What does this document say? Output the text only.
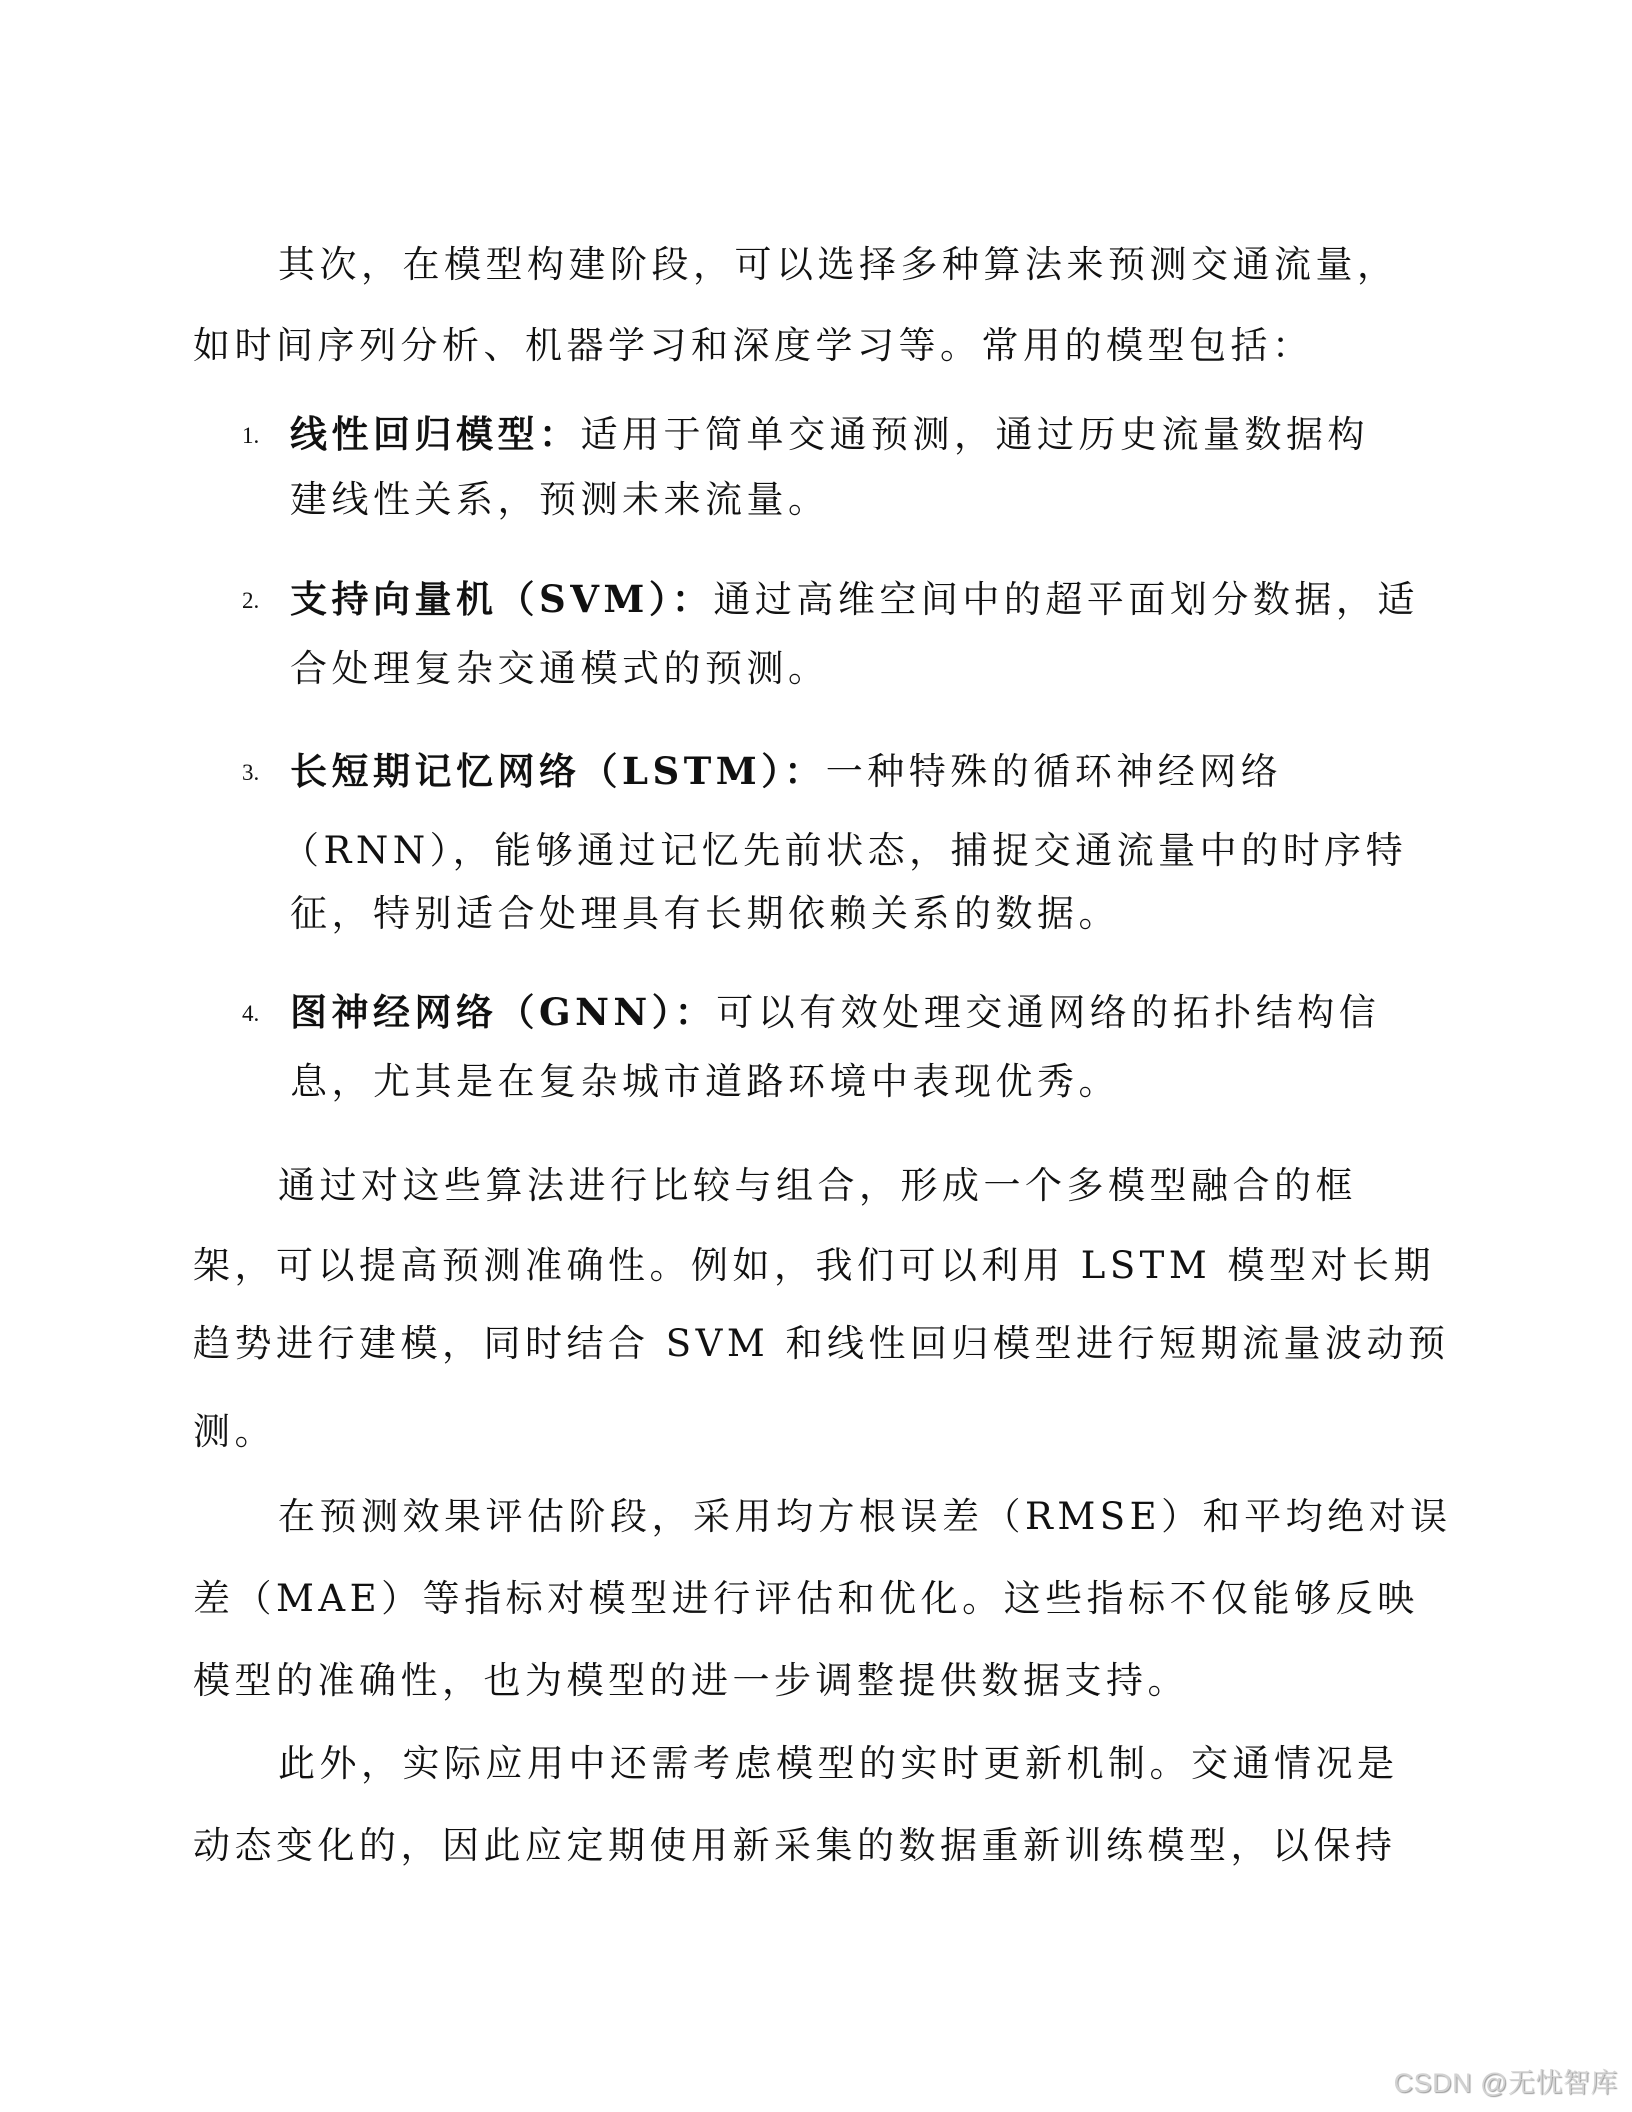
其次，在模型构建阶段，可以选择多种算法来预测交通流量，
如时间序列分析、机器学习和深度学习等。常用的模型包括：
1. 线性回归模型：适用于简单交通预测，通过历史流量数据构
建线性关系，预测未来流量。
2. 支持向量机（SVM）：通过高维空间中的超平面划分数据，适
合处理复杂交通模式的预测。
3. 长短期记忆网络（LSTM）：一种特殊的循环神经网络
（RNN），能够通过记忆先前状态，捕捉交通流量中的时序特
征，特别适合处理具有长期依赖关系的数据。
4. 图神经网络（GNN）：可以有效处理交通网络的拓扑结构信
息，尤其是在复杂城市道路环境中表现优秀。
通过对这些算法进行比较与组合，形成一个多模型融合的框
架，可以提高预测准确性。例如，我们可以利用 LSTM 模型对长期
趋势进行建模，同时结合 SVM 和线性回归模型进行短期流量波动预
测。
在预测效果评估阶段，采用均方根误差（RMSE）和平均绝对误
差（MAE）等指标对模型进行评估和优化。这些指标不仅能够反映
模型的准确性，也为模型的进一步调整提供数据支持。
此外，实际应用中还需考虑模型的实时更新机制。交通情况是
动态变化的，因此应定期使用新采集的数据重新训练模型，以保持
CSDN @无忧智库
